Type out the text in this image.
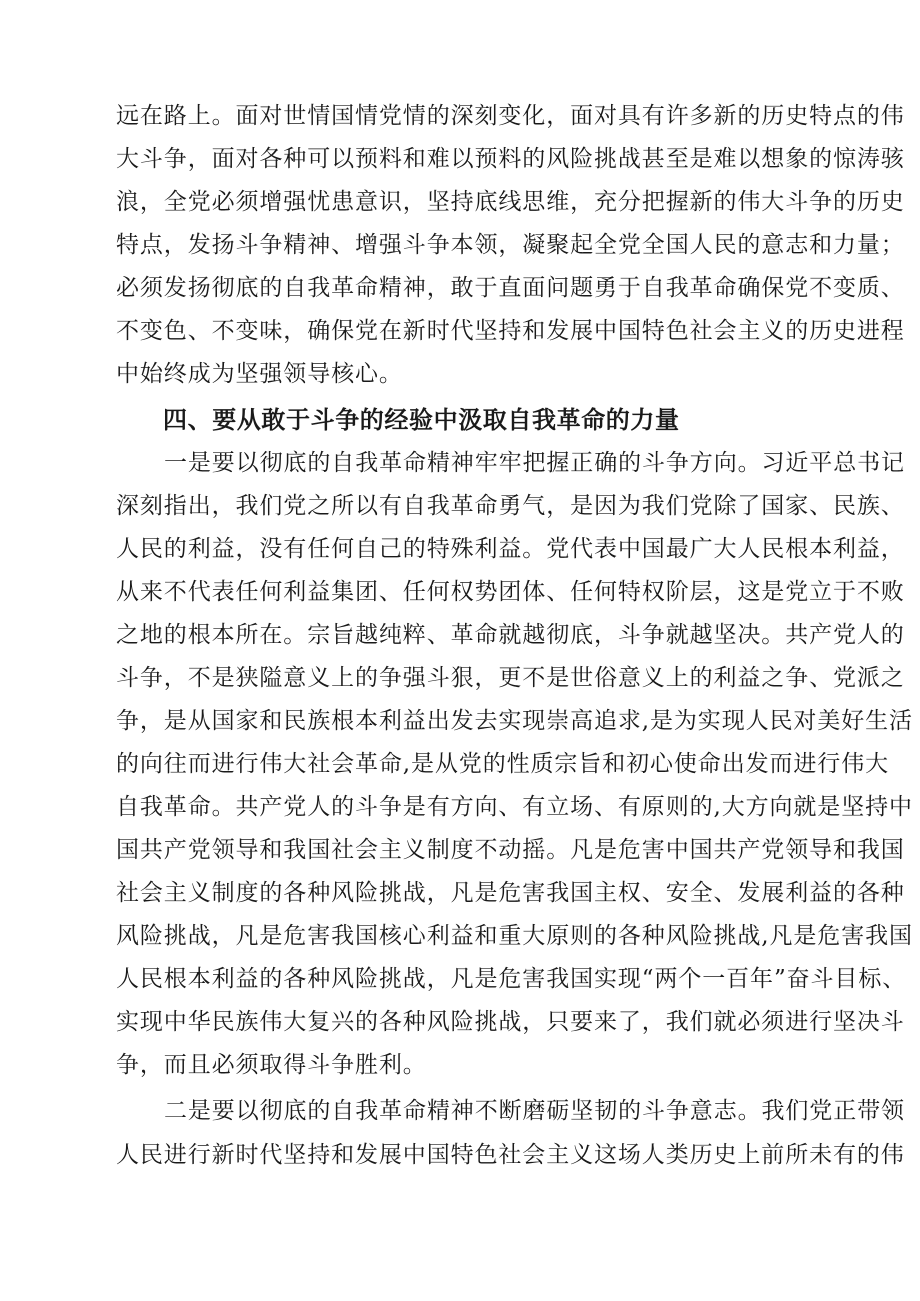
远在路上。面对世情国情党情的深刻变化，面对具有许多新的历史特点的伟
大斗争，面对各种可以预料和难以预料的风险挑战甚至是难以想象的惊涛骇
浪，全党必须增强忧患意识，坚持底线思维，充分把握新的伟大斗争的历史
特点，发扬斗争精神、增强斗争本领，凝聚起全党全国人民的意志和力量；
必须发扬彻底的自我革命精神，敢于直面问题勇于自我革命确保党不变质、
不变色、不变味，确保党在新时代坚持和发展中国特色社会主义的历史进程
中始终成为坚强领导核心。
四、要从敢于斗争的经验中汲取自我革命的力量
一是要以彻底的自我革命精神牢牢把握正确的斗争方向。习近平总书记
深刻指出，我们党之所以有自我革命勇气，是因为我们党除了国家、民族、
人民的利益，没有任何自己的特殊利益。党代表中国最广大人民根本利益，
从来不代表任何利益集团、任何权势团体、任何特权阶层，这是党立于不败
之地的根本所在。宗旨越纯粹、革命就越彻底，斗争就越坚决。共产党人的
斗争，不是狭隘意义上的争强斗狠，更不是世俗意义上的利益之争、党派之
争，是从国家和民族根本利益出发去实现崇高追求,是为实现人民对美好生活
的向往而进行伟大社会革命,是从党的性质宗旨和初心使命出发而进行伟大
自我革命。共产党人的斗争是有方向、有立场、有原则的,大方向就是坚持中
国共产党领导和我国社会主义制度不动摇。凡是危害中国共产党领导和我国
社会主义制度的各种风险挑战，凡是危害我国主权、安全、发展利益的各种
风险挑战，凡是危害我国核心利益和重大原则的各种风险挑战,凡是危害我国
人民根本利益的各种风险挑战，凡是危害我国实现“两个一百年”奋斗目标、
实现中华民族伟大复兴的各种风险挑战，只要来了，我们就必须进行坚决斗
争，而且必须取得斗争胜利。
二是要以彻底的自我革命精神不断磨砺坚韧的斗争意志。我们党正带领
人民进行新时代坚持和发展中国特色社会主义这场人类历史上前所未有的伟
